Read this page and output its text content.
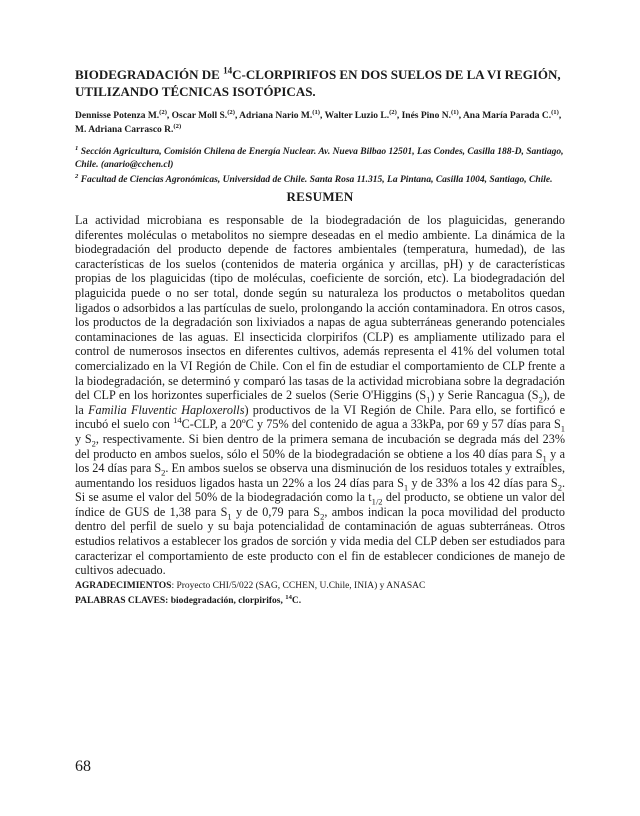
BIODEGRADACIÓN DE $^{14}$C-CLORPIRIFOS EN DOS SUELOS DE LA VI REGIÓN, UTILIZANDO TÉCNICAS ISOTÓPICAS.
Dennisse Potenza M.$^{(2)}$, Oscar Moll S.$^{(2)}$, Adriana Nario M.$^{(1)}$, Walter Luzio L.$^{(2)}$, Inés Pino N.$^{(1)}$, Ana María Parada C.$^{(1)}$, M. Adriana Carrasco R.$^{(2)}$

$^1$ Sección Agricultura, Comisión Chilena de Energía Nuclear. Av. Nueva Bilbao 12501, Las Condes, Casilla 188-D, Santiago, Chile. (anario@cchen.cl)

$^2$ Facultad de Ciencias Agronómicas, Universidad de Chile. Santa Rosa 11.315, La Pintana, Casilla 1004, Santiago, Chile.

RESUMEN

La actividad microbiana es responsable de la biodegradación de los plaguicidas, generando diferentes moléculas o metabolitos no siempre deseadas en el medio ambiente. La dinámica de la biodegradación del producto depende de factores ambientales (temperatura, humedad), de las características de los suelos (contenidos de materia orgánica y arcillas, pH) y de características propias de los plaguicidas (tipo de moléculas, coeficiente de sorción, etc). La biodegradación del plaguicida puede o no ser total, donde según su naturaleza los productos o metabolitos quedan ligados o adsorbidos a las partículas de suelo, prolongando la acción contaminadora. En otros casos, los productos de la degradación son lixiviados a napas de agua subterráneas generando potenciales contaminaciones de las aguas. El insecticida clorpirifos (CLP) es ampliamente utilizado para el control de numerosos insectos en diferentes cultivos, además representa el 41% del volumen total comercializado en la VI Región de Chile. Con el fin de estudiar el comportamiento de CLP frente a la biodegradación, se determinó y comparó las tasas de la actividad microbiana sobre la degradación del CLP en los horizontes superficiales de 2 suelos (Serie O'Higgins $(S_1)$ y Serie Rancagua $(S_2)$, de la Familia Fluventic Haploxerolls) productivos de la VI Región de Chile. Para ello, se fortificó e incubó el suelo con $^{14}$C-CLP, a 20ºC y 75% del contenido de agua a 33kPa, por 69 y 57 días para $S_1$ y $S_2$, respectivamente. Si bien dentro de la primera semana de incubación se degrada más del 23% del producto en ambos suelos, sólo el 50% de la biodegradación se obtiene a los 40 días para $S_1$ y a los 24 días para $S_2$. En ambos suelos se observa una disminución de los residuos totales y extraíbles, aumentando los residuos ligados hasta un 22% a los 24 días para $S_1$ y de 33% a los 42 días para $S_2$. Si se asume el valor del 50% de la biodegradación como la $t_{1/2}$ del producto, se obtiene un valor del índice de GUS de 1,38 para $S_1$ y de 0,79 para $S_2$, ambos indican la poca movilidad del producto dentro del perfil de suelo y su baja potencialidad de contaminación de aguas subterráneas. Otros estudios relativos a establecer los grados de sorción y vida media del CLP deben ser estudiados para caracterizar el comportamiento de este producto con el fin de establecer condiciones de manejo de cultivos adecuado.

AGRADECIMIENTOS: Proyecto CHI/5/022 (SAG, CCHEN, U.Chile, INIA) y ANASAC
PALABRAS CLAVES: biodegradación, clorpirifos, $^{14}$C.
68
